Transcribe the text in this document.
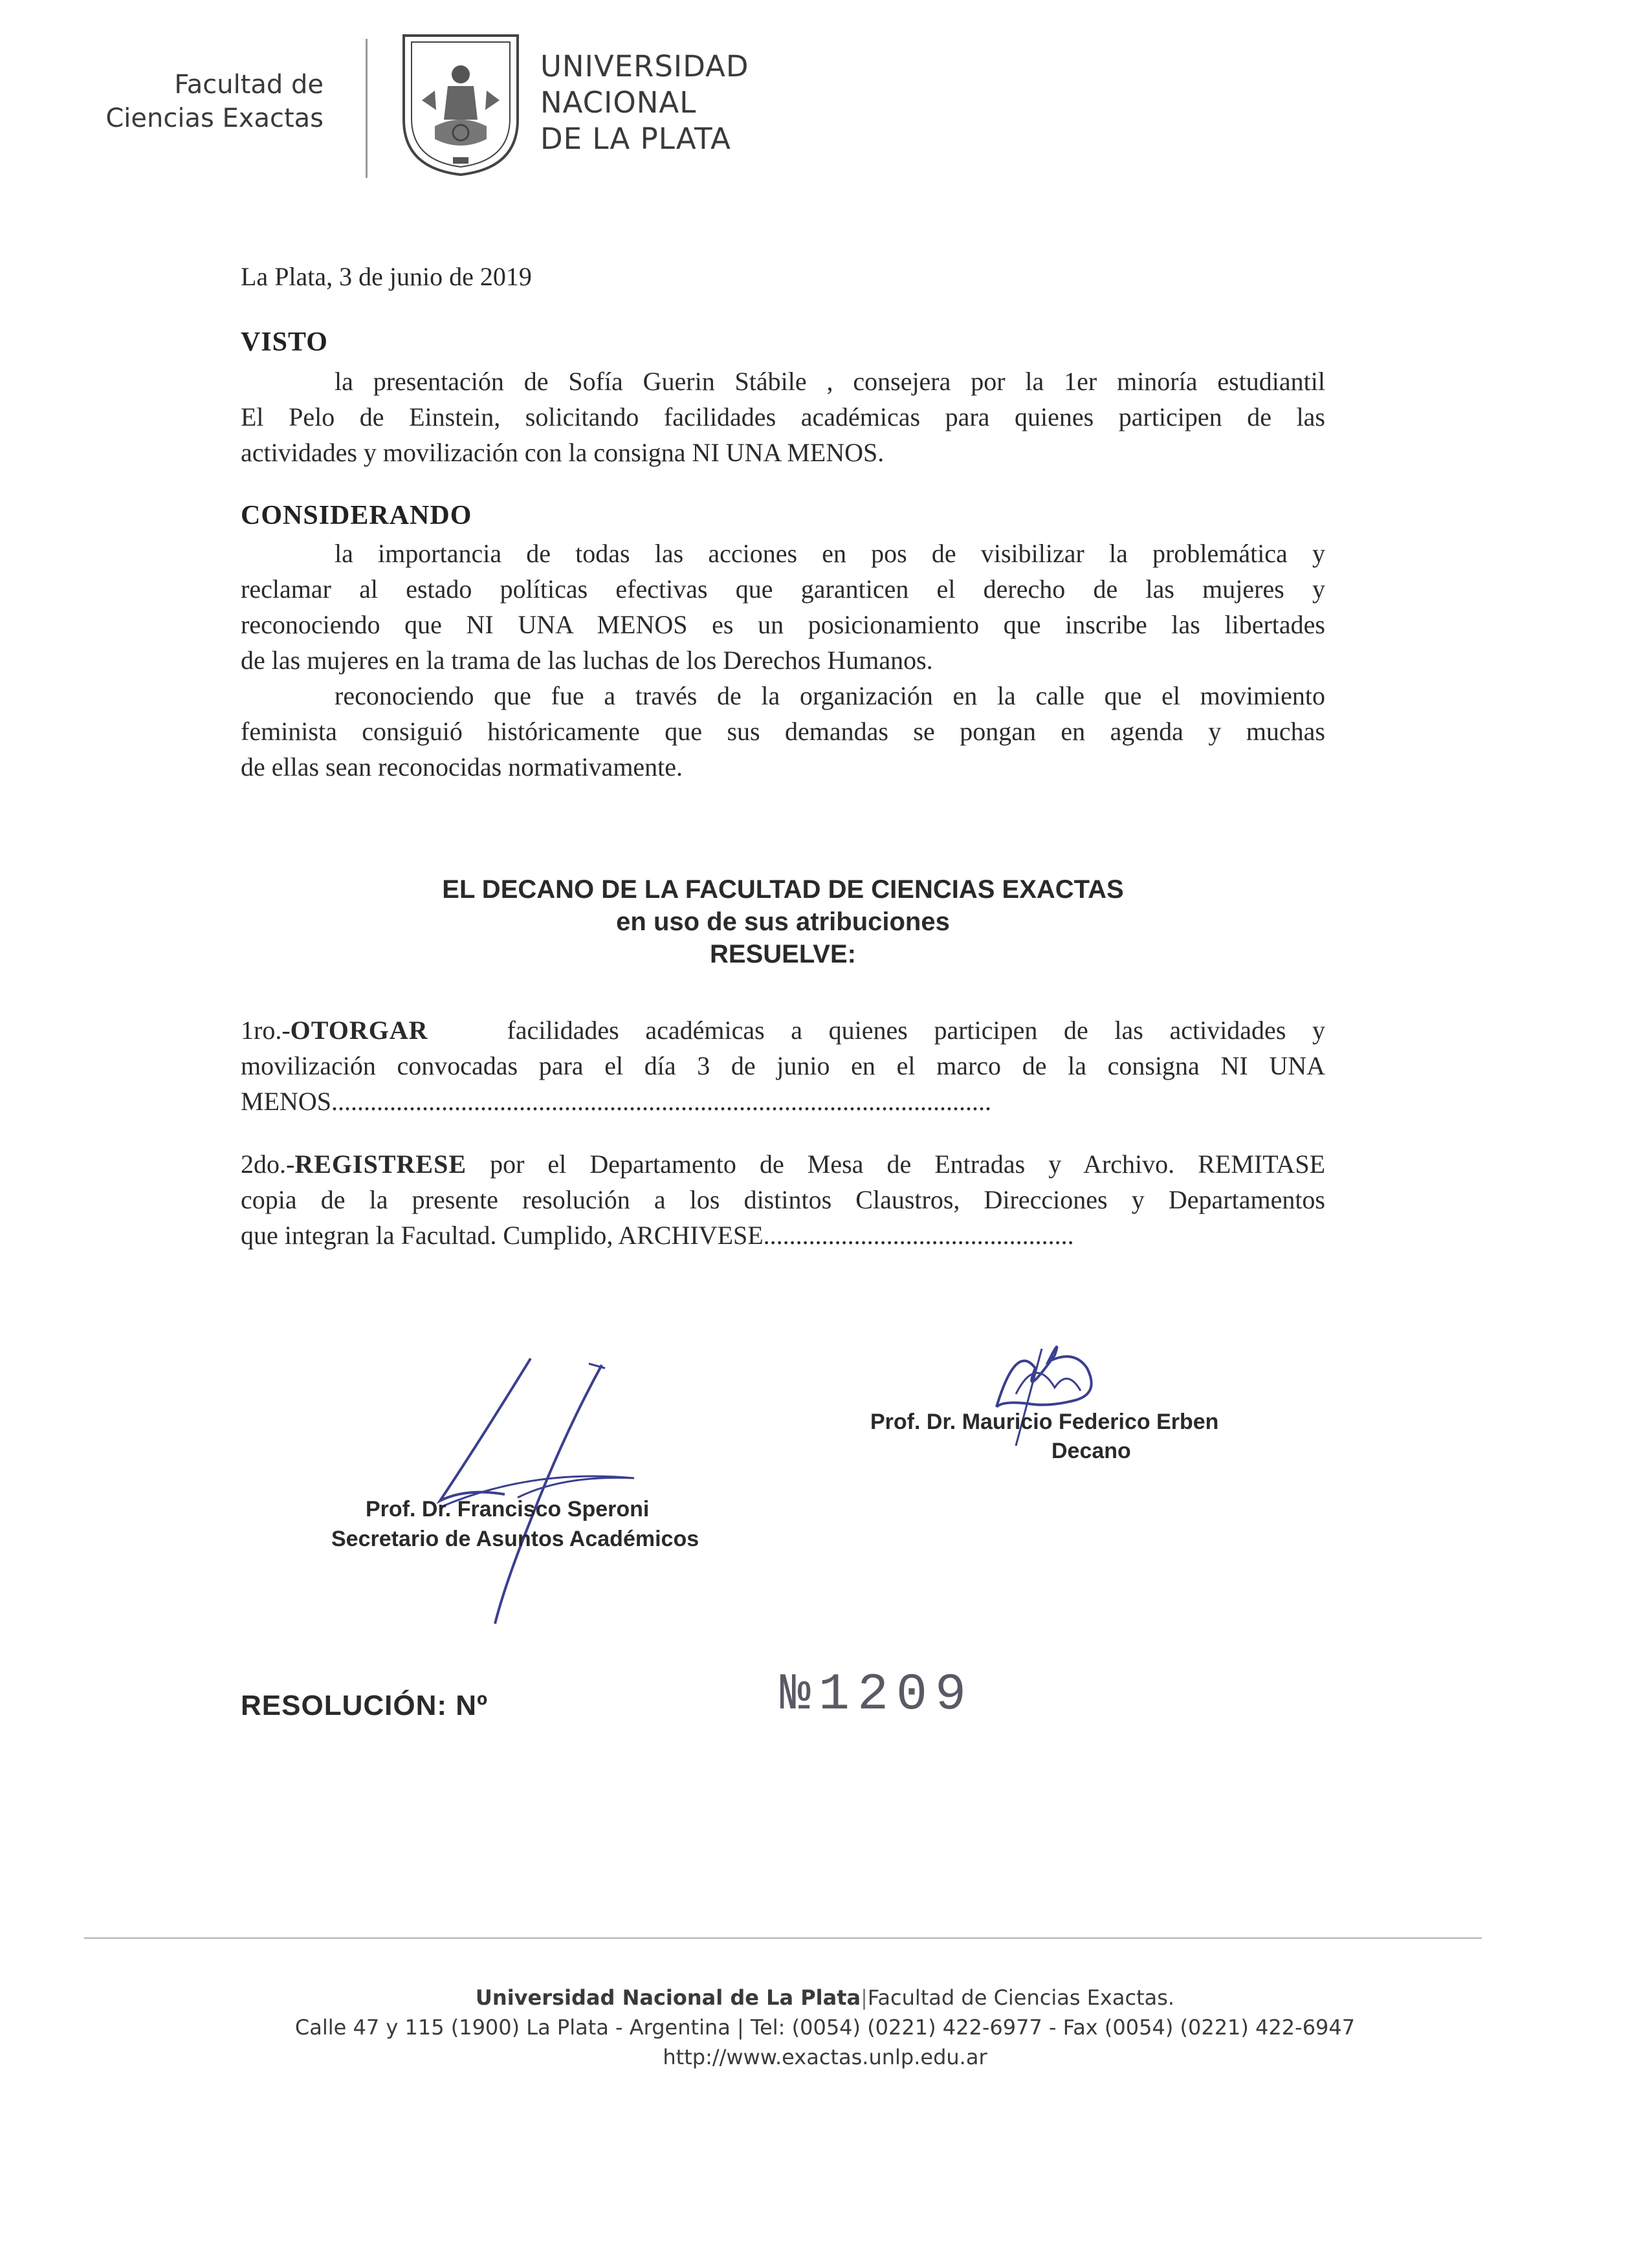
Facultad de
Ciencias Exactas
UNIVERSIDAD
NACIONAL
DE LA PLATA
La Plata, 3 de junio de 2019
VISTO
la presentación de Sofía Guerin Stábile , consejera por la 1er minoría estudiantil
El Pelo de Einstein, solicitando facilidades académicas para quienes participen de las
actividades y movilización con la consigna NI UNA MENOS.
CONSIDERANDO
la importancia de todas las acciones en pos de visibilizar la problemática y
reclamar al estado políticas efectivas que garanticen el derecho de las mujeres y
reconociendo que NI UNA MENOS es un posicionamiento que inscribe las libertades
de las mujeres en la trama de las luchas de los Derechos Humanos.
reconociendo que fue a través de la organización en la calle que el movimiento
feminista consiguió históricamente que sus demandas se pongan en agenda y muchas
de ellas sean reconocidas normativamente.
EL DECANO DE LA FACULTAD DE CIENCIAS EXACTAS
en uso de sus atribuciones
RESUELVE:
1ro.-OTORGAR	facilidades académicas a quienes participen de las actividades y
movilización convocadas para el día 3 de junio en el marco de la consigna NI UNA
MENOS......................................................................................................
2do.-REGISTRESE por el Departamento de Mesa de Entradas y Archivo. REMITASE
copia de la presente resolución a los distintos Claustros, Direcciones y Departamentos
que integran la Facultad. Cumplido, ARCHIVESE................................................
Prof. Dr. Mauricio Federico Erben
Decano
Prof. Dr. Francisco Speroni
Secretario de Asuntos Académicos
RESOLUCIÓN: Nº	№1209
Universidad Nacional de La Plata|Facultad de Ciencias Exactas.
Calle 47 y 115 (1900) La Plata - Argentina | Tel: (0054) (0221) 422-6977 - Fax (0054) (0221) 422-6947
http://www.exactas.unlp.edu.ar
